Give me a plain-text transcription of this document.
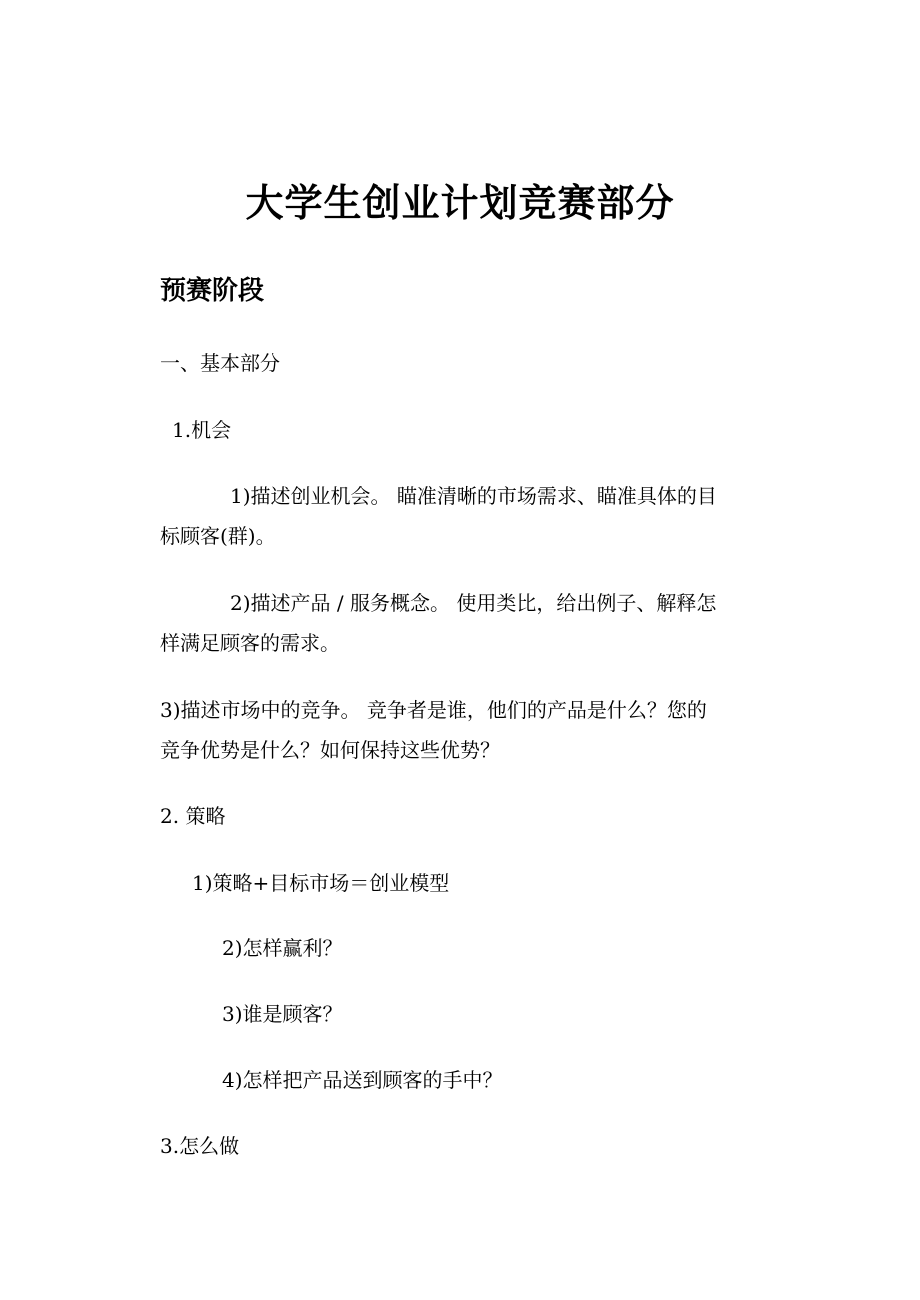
大学生创业计划竞赛部分
预赛阶段
一、基本部分
1.机会
1)描述创业机会。 瞄准清晰的市场需求、瞄准具体的目
标顾客(群)。
2)描述产品 / 服务概念。 使用类比，给出例子、解释怎
样满足顾客的需求。
3)描述市场中的竞争。 竞争者是谁，他们的产品是什么？您的
竞争优势是什么？如何保持这些优势？
2. 策略
1)策略+目标市场＝创业模型
2)怎样赢利？
3)谁是顾客？
4)怎样把产品送到顾客的手中？
3.怎么做
